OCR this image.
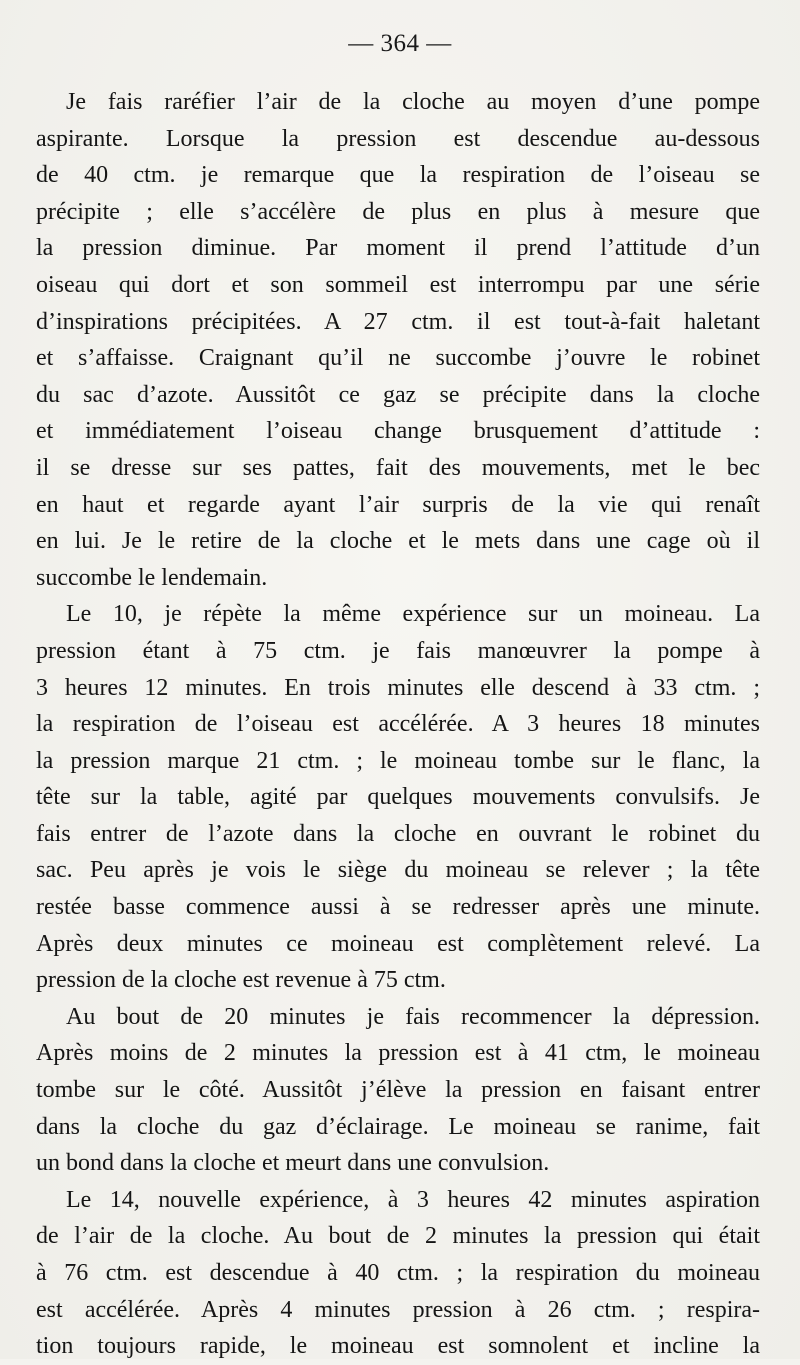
— 364 —
Je fais raréfier l’air de la cloche au moyen d’une pompe
aspirante. Lorsque la pression est descendue au-dessous
de 40 ctm. je remarque que la respiration de l’oiseau se
précipite ; elle s’accélère de plus en plus à mesure que
la pression diminue. Par moment il prend l’attitude d’un
oiseau qui dort et son sommeil est interrompu par une série
d’inspirations précipitées. A 27 ctm. il est tout-à-fait haletant
et s’affaisse. Craignant qu’il ne succombe j’ouvre le robinet
du sac d’azote. Aussitôt ce gaz se précipite dans la cloche
et immédiatement l’oiseau change brusquement d’attitude :
il se dresse sur ses pattes, fait des mouvements, met le bec
en haut et regarde ayant l’air surpris de la vie qui renaît
en lui. Je le retire de la cloche et le mets dans une cage où il
succombe le lendemain.
Le 10, je répète la même expérience sur un moineau. La
pression étant à 75 ctm. je fais manœuvrer la pompe à
3 heures 12 minutes. En trois minutes elle descend à 33 ctm. ;
la respiration de l’oiseau est accélérée. A 3 heures 18 minutes
la pression marque 21 ctm. ; le moineau tombe sur le flanc, la
tête sur la table, agité par quelques mouvements convulsifs. Je
fais entrer de l’azote dans la cloche en ouvrant le robinet du
sac. Peu après je vois le siège du moineau se relever ; la tête
restée basse commence aussi à se redresser après une minute.
Après deux minutes ce moineau est complètement relevé. La
pression de la cloche est revenue à 75 ctm.
Au bout de 20 minutes je fais recommencer la dépression.
Après moins de 2 minutes la pression est à 41 ctm, le moineau
tombe sur le côté. Aussitôt j’élève la pression en faisant entrer
dans la cloche du gaz d’éclairage. Le moineau se ranime, fait
un bond dans la cloche et meurt dans une convulsion.
Le 14, nouvelle expérience, à 3 heures 42 minutes aspiration
de l’air de la cloche. Au bout de 2 minutes la pression qui était
à 76 ctm. est descendue à 40 ctm. ; la respiration du moineau
est accélérée. Après 4 minutes pression à 26 ctm. ; respira-
tion toujours rapide, le moineau est somnolent et incline la
